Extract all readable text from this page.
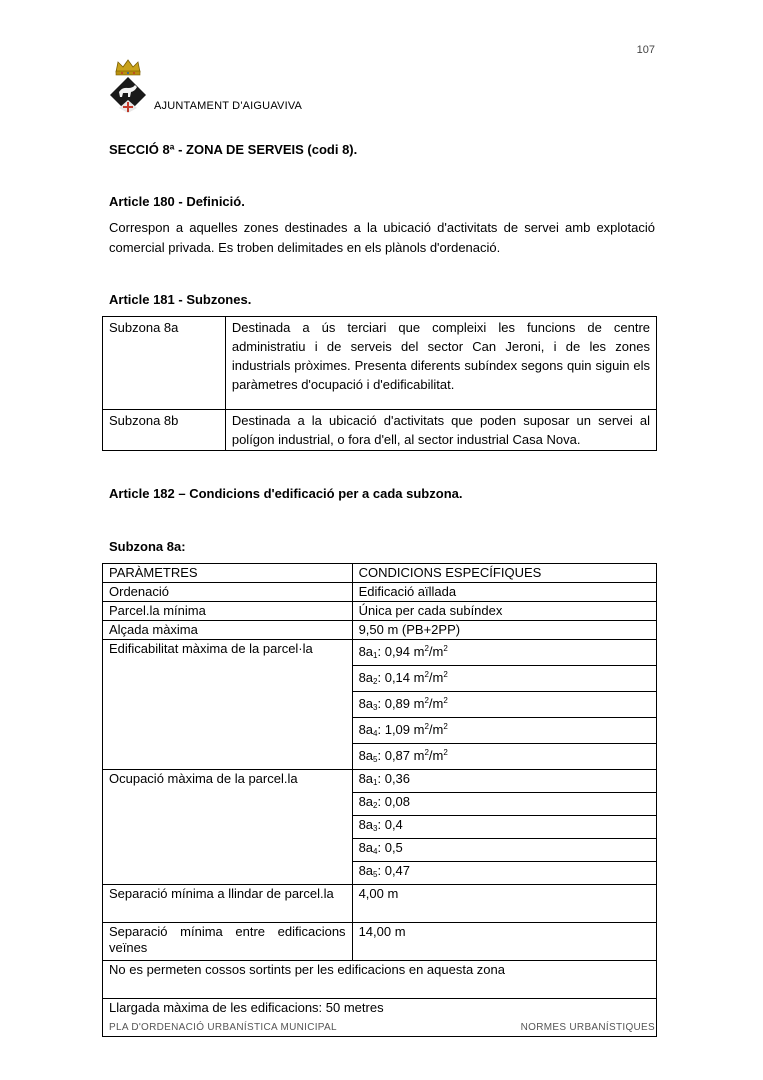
107
AJUNTAMENT D'AIGUAVIVA
SECCIÓ 8ª - ZONA DE SERVEIS (codi 8).
Article 180 - Definició.
Correspon a aquelles zones destinades a la ubicació d'activitats de servei amb explotació comercial privada. Es troben delimitades en els plànols d'ordenació.
Article 181 - Subzones.
Subzona 8a	Destinada a ús terciari que compleixi les funcions de centre administratiu i de serveis del sector Can Jeroni, i de les zones industrials pròximes. Presenta diferents subíndex segons quin siguin els paràmetres d'ocupació i d'edificabilitat.
Subzona 8b	Destinada a la ubicació d'activitats que poden suposar un servei al polígon industrial, o fora d'ell, al sector industrial Casa Nova.
Article 182 – Condicions d'edificació per a cada subzona.
Subzona 8a:
PARÀMETRES	CONDICIONS ESPECÍFIQUES
Ordenació	Edificació aïllada
Parcel.la mínima	Única per cada subíndex
Alçada màxima	9,50 m (PB+2PP)
Edificabilitat màxima de la parcel·la	$8a_1$: 0,94 $m^2/m^2$
	$8a_2$: 0,14 $m^2/m^2$
	$8a_3$: 0,89 $m^2/m^2$
	$8a_4$: 1,09 $m^2/m^2$
	$8a_5$: 0,87 $m^2/m^2$
Ocupació màxima de la parcel.la	$8a_1$: 0,36
	$8a_2$: 0,08
	$8a_3$: 0,4
	$8a_4$: 0,5
	$8a_5$: 0,47
Separació mínima a llindar de parcel.la	4,00 m
Separació mínima entre edificacions veïnes	14,00 m
No es permeten cossos sortints per les edificacions en aquesta zona	
Llargada màxima de les edificacions: 50 metres	
PLA D'ORDENACIÓ URBANÍSTICA MUNICIPAL	NORMES URBANÍSTIQUES
